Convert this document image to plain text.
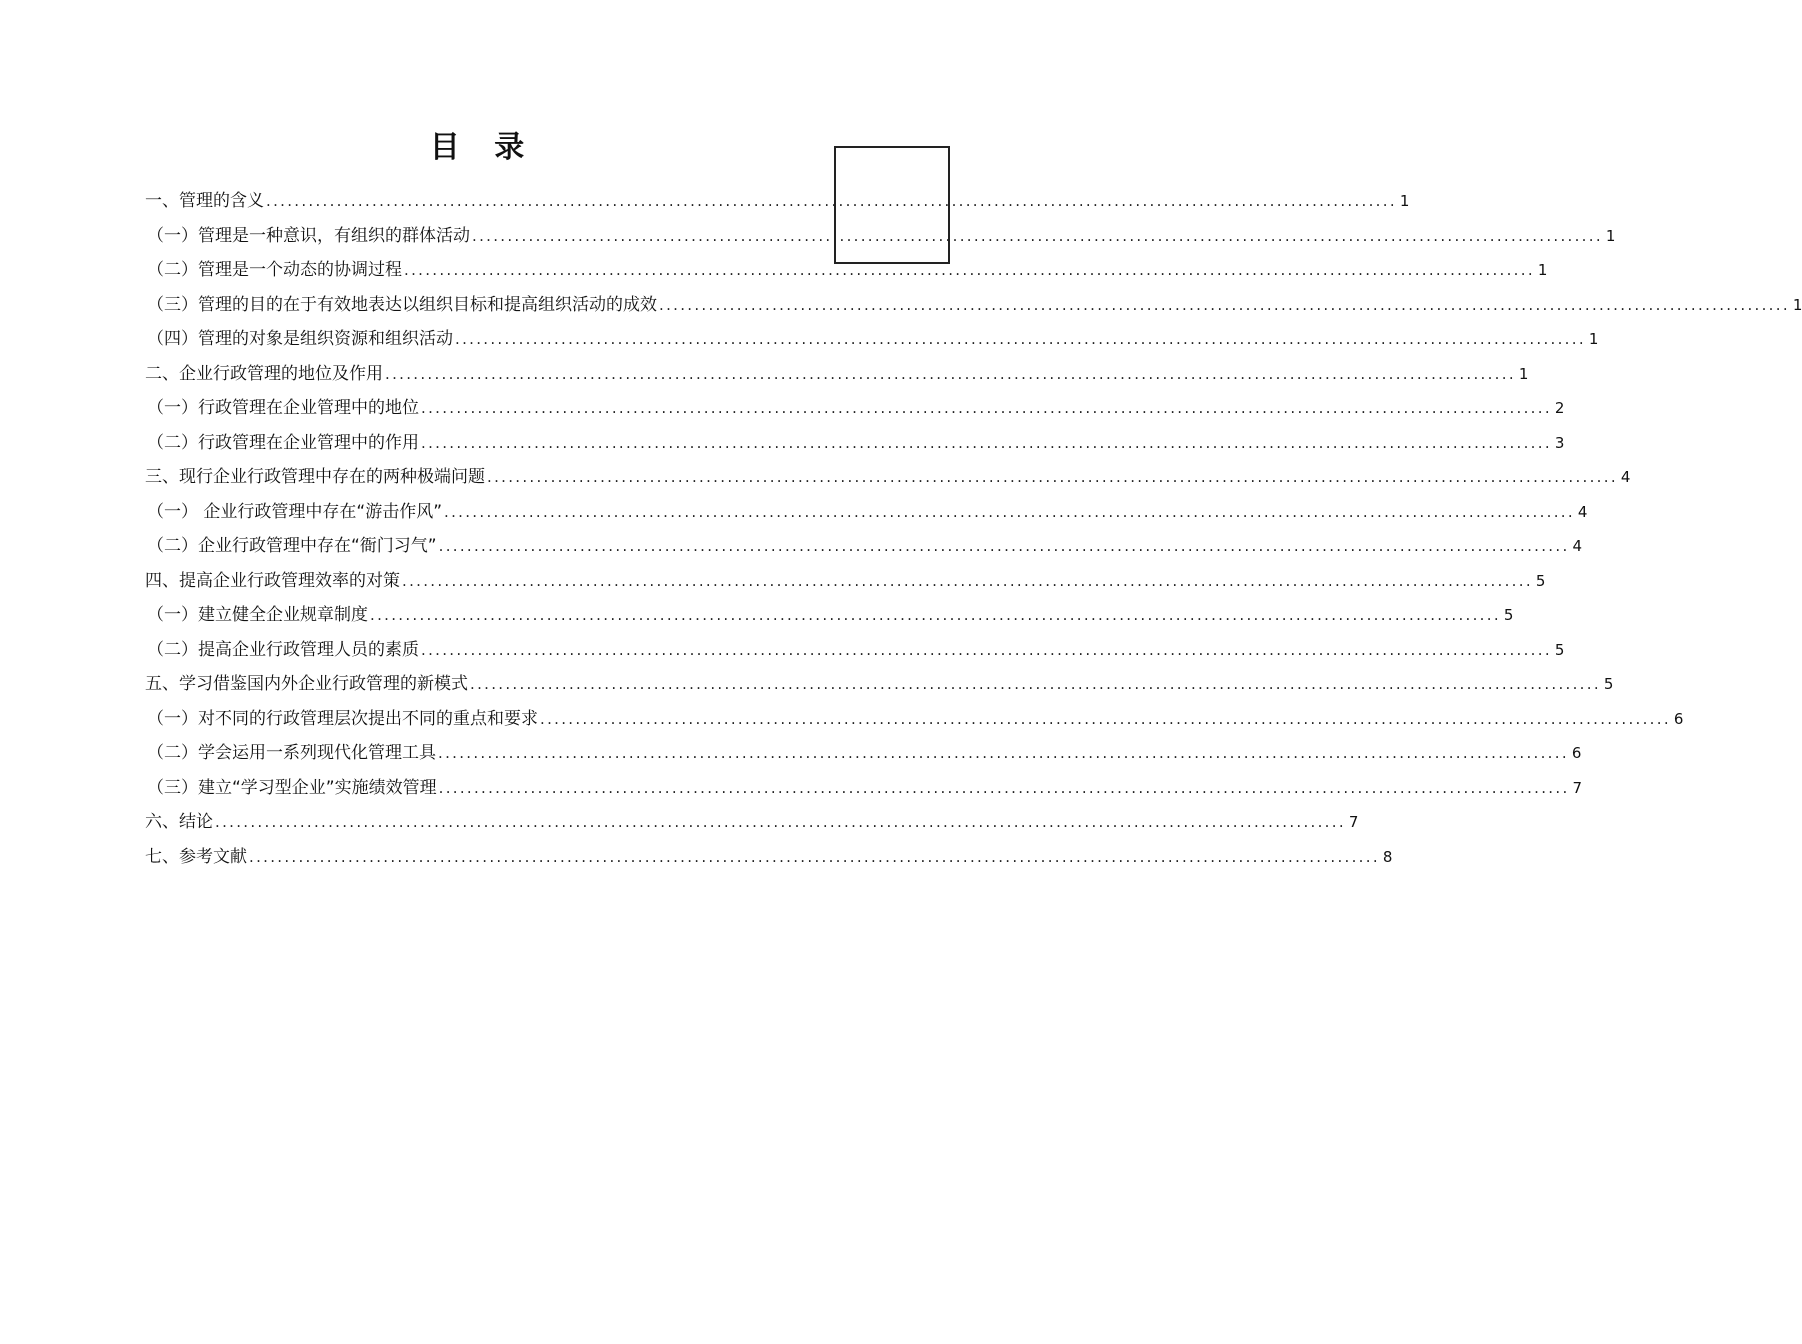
目 录
一、管理的含义 ................................................................................................................................................................ 1
（一）管理是一种意识，有组织的群体活动 ................................................................................................................................................................ 1
（二）管理是一个动态的协调过程 ................................................................................................................................................................ 1
（三）管理的目的在于有效地表达以组织目标和提高组织活动的成效 ................................................................................................................................................................ 1
（四）管理的对象是组织资源和组织活动 ................................................................................................................................................................ 1
二、企业行政管理的地位及作用 ................................................................................................................................................................ 1
（一）行政管理在企业管理中的地位 ................................................................................................................................................................ 2
（二）行政管理在企业管理中的作用 ................................................................................................................................................................ 3
三、现行企业行政管理中存在的两种极端问题 ................................................................................................................................................................ 4
（一） 企业行政管理中存在“游击作风” ................................................................................................................................................................ 4
（二）企业行政管理中存在“衙门习气” ................................................................................................................................................................ 4
四、提高企业行政管理效率的对策 ................................................................................................................................................................ 5
（一）建立健全企业规章制度 ................................................................................................................................................................ 5
（二）提高企业行政管理人员的素质 ................................................................................................................................................................ 5
五、学习借鉴国内外企业行政管理的新模式 ................................................................................................................................................................ 5
（一）对不同的行政管理层次提出不同的重点和要求 ................................................................................................................................................................ 6
（二）学会运用一系列现代化管理工具 ................................................................................................................................................................ 6
（三）建立“学习型企业”实施绩效管理 ................................................................................................................................................................ 7
六、结论 ................................................................................................................................................................ 7
七、参考文献 ................................................................................................................................................................ 8
